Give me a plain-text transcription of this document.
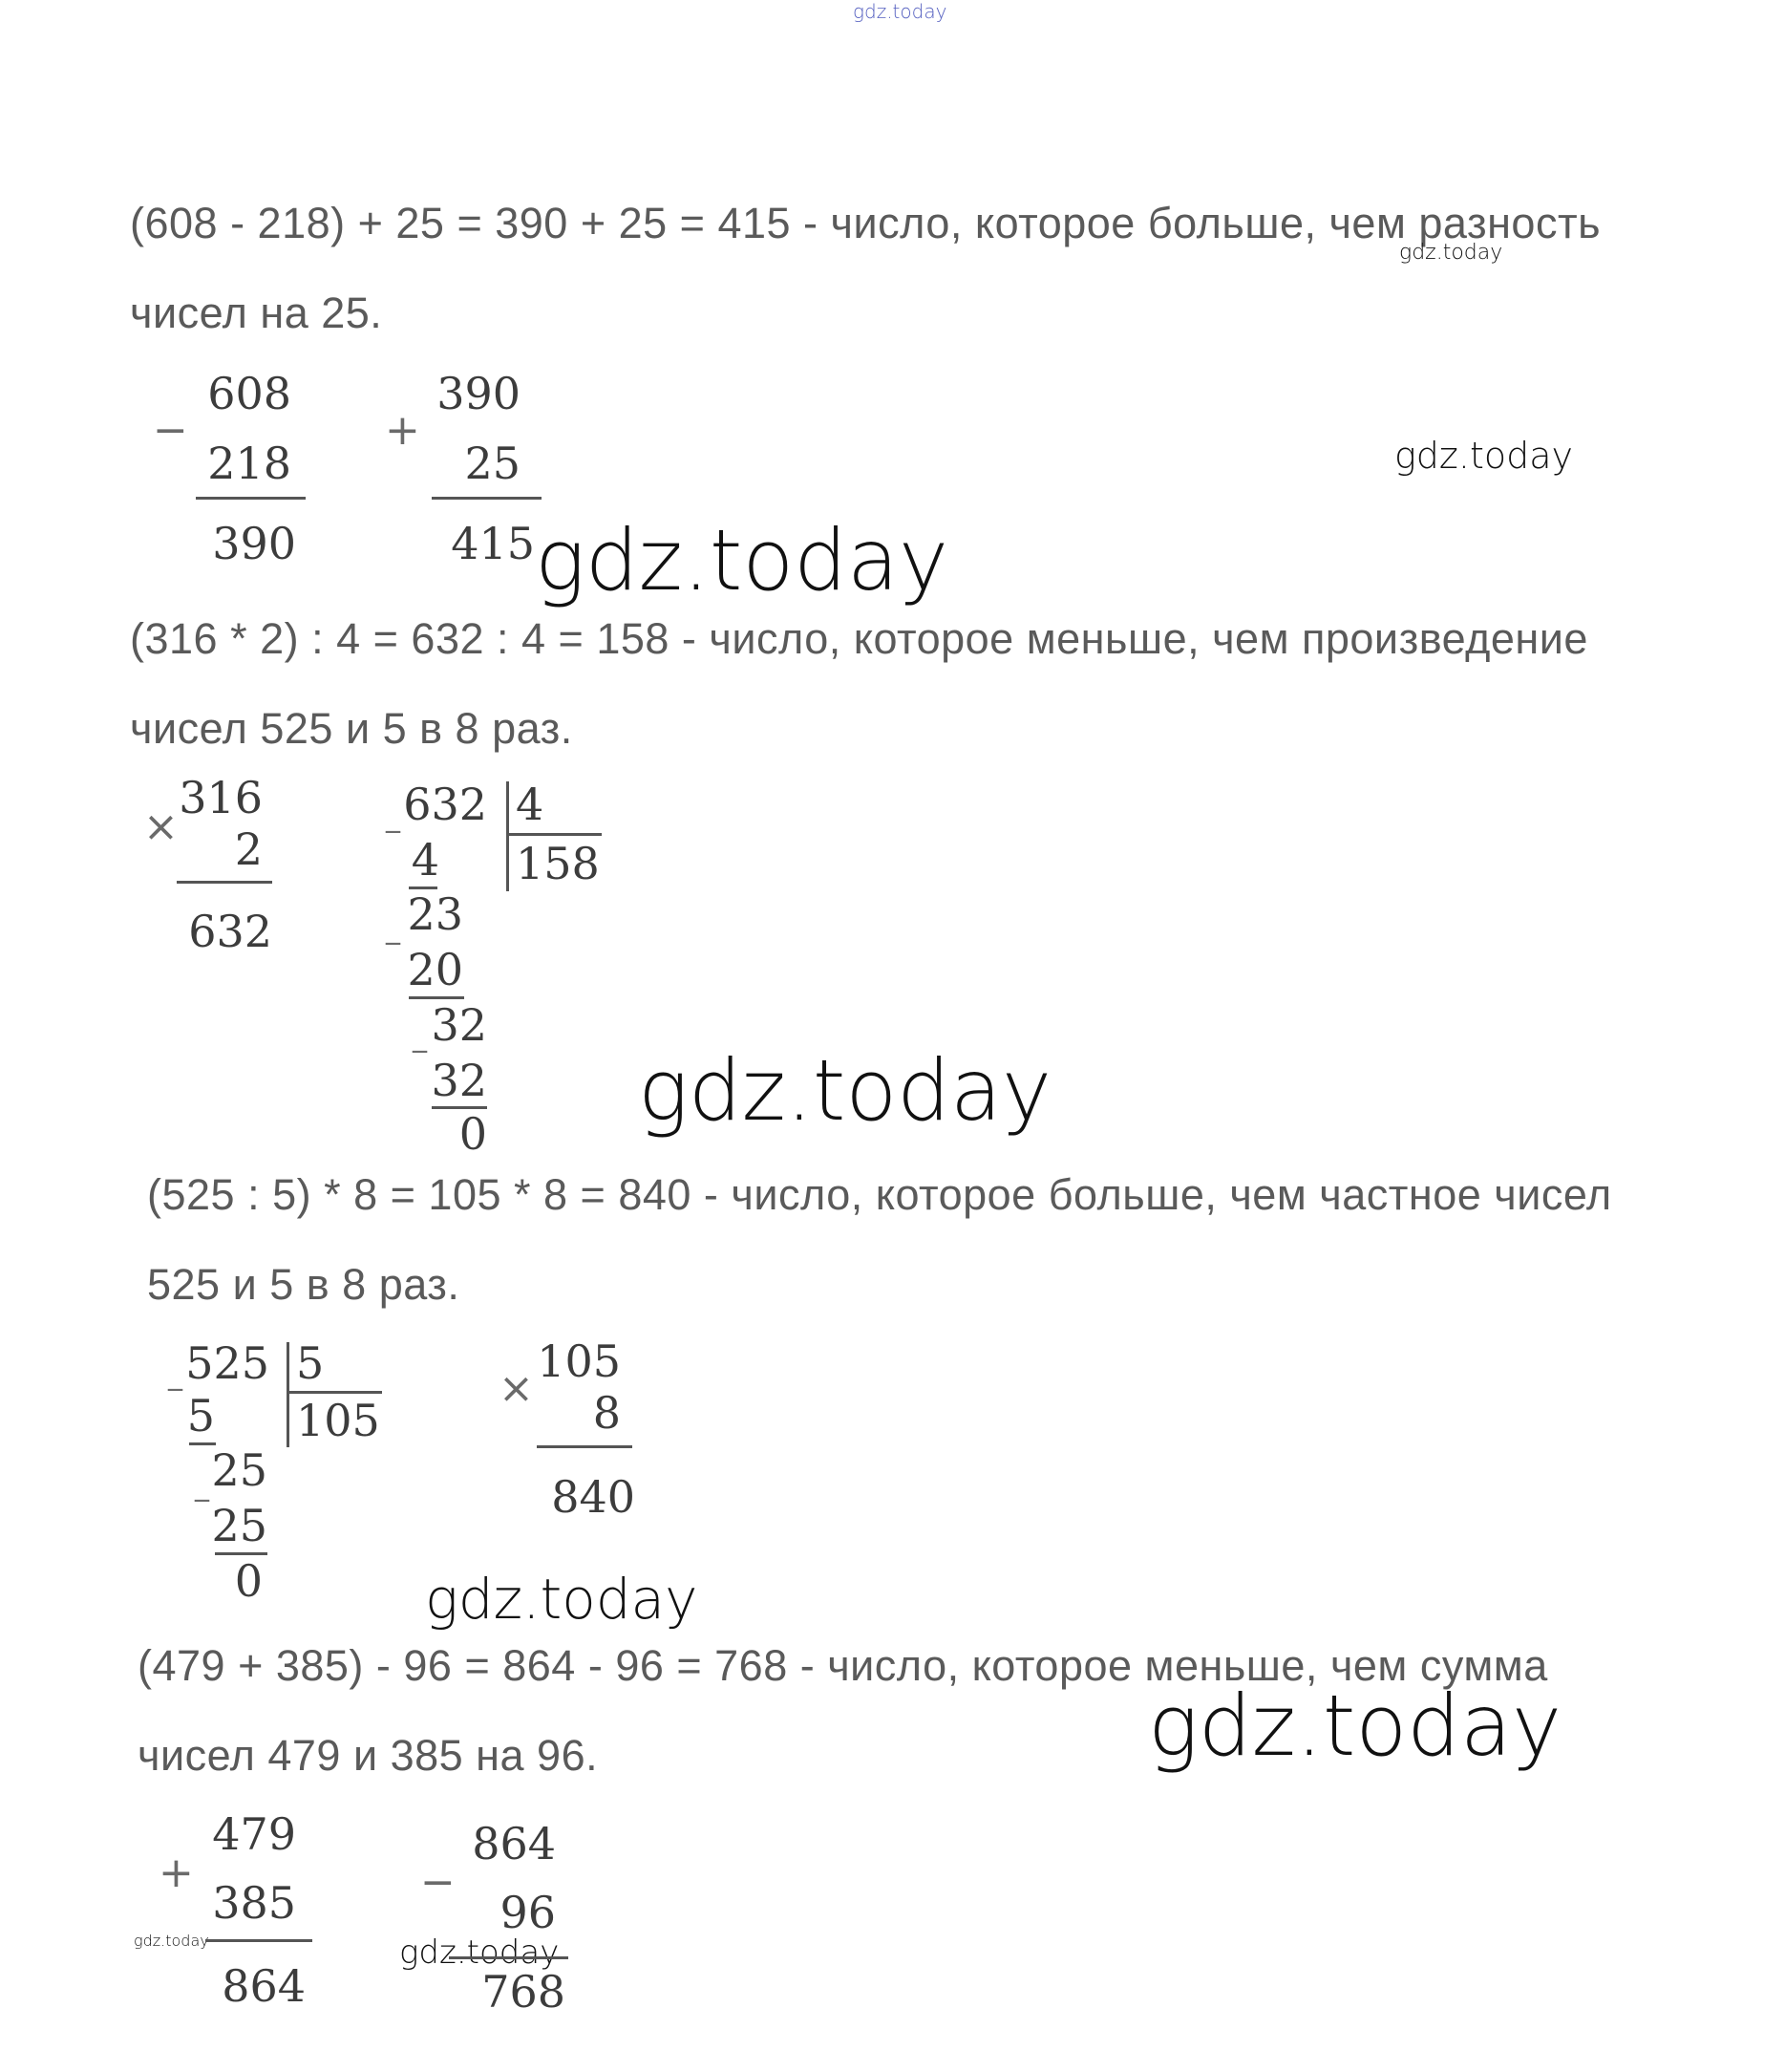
gdz.today
(608 - 218) + 25 = 390 + 25 = 415 - число, которое больше, чем разность
gdz.today
чисел на 25.
−
608
218
390
+
390
25
415
gdz.today
gdz.today
(316 * 2) : 4 = 632 : 4 = 158 - число, которое меньше, чем произведение
чисел 525 и 5 в 8 раз.
×
316
2
632
_ 632 4
158
4
_ 23
20
_ 32
32
0 gdz.today
(525 : 5) * 8 = 105 * 8 = 840 - число, которое больше, чем частное чисел
525 и 5 в 8 раз.
_ 525 5
105
5
_ 25
25
0
×
105
8
840
gdz.today
(479 + 385) - 96 = 864 - 96 = 768 - число, которое меньше, чем сумма
gdz.today
чисел 479 и 385 на 96.
+
479
385
gdz.today
864
−
864
96
gdz.today
768
